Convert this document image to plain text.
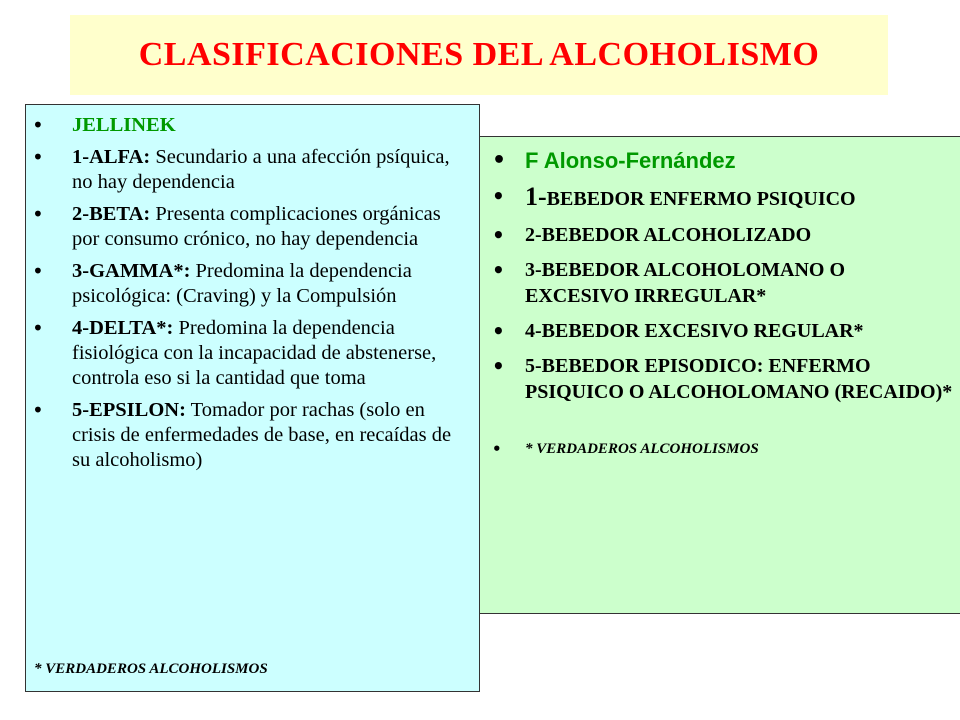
CLASIFICACIONES DEL ALCOHOLISMO
• F Alonso-Fernández
• 1-BEBEDOR ENFERMO PSIQUICO
• 2-BEBEDOR ALCOHOLIZADO
• 3-BEBEDOR ALCOHOLOMANO O EXCESIVO IRREGULAR*
• 4-BEBEDOR EXCESIVO REGULAR*
• 5-BEBEDOR EPISODICO: ENFERMO PSIQUICO O ALCOHOLOMANO (RECAIDO)*
• * VERDADEROS ALCOHOLISMOS
• JELLINEK
• 1-ALFA: Secundario a una afección psíquica, no hay dependencia
• 2-BETA: Presenta complicaciones orgánicas por consumo crónico, no hay dependencia
• 3-GAMMA*: Predomina la dependencia psicológica: (Craving) y la Compulsión
• 4-DELTA*: Predomina la dependencia fisiológica con la incapacidad de abstenerse, controla eso si la cantidad que toma
• 5-EPSILON: Tomador por rachas (solo en crisis de enfermedades de base, en recaídas de su alcoholismo)
* VERDADEROS ALCOHOLISMOS
